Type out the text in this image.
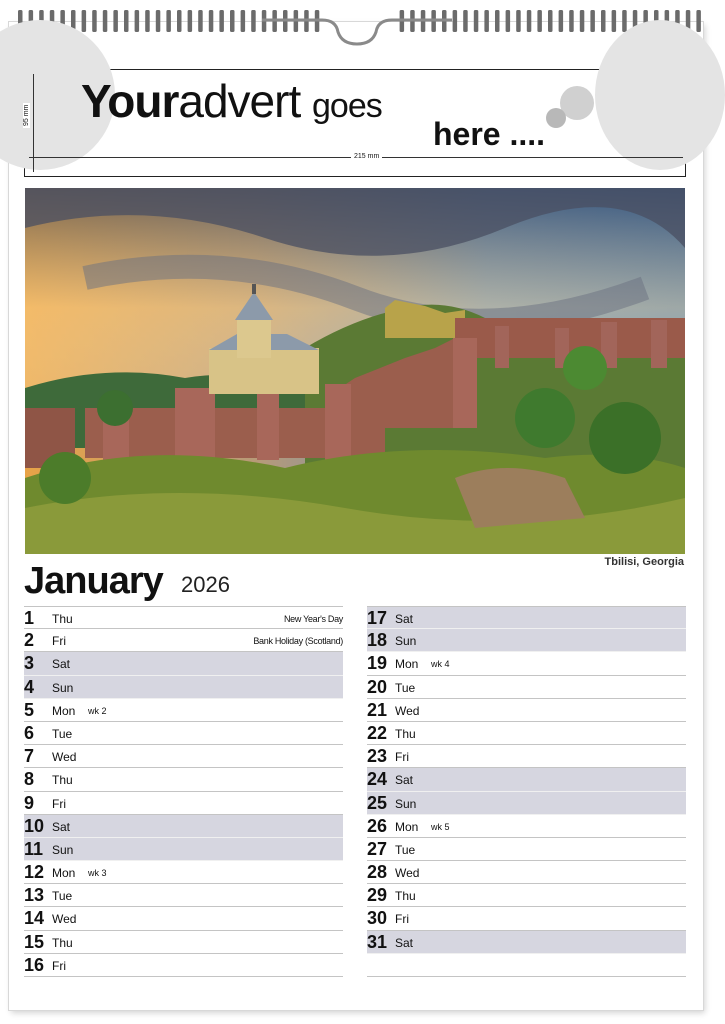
Youradvert goes
here ....
215 mm
95 mm
Tbilisi, Georgia
January 2026
1 Thu	New Year's Day
2 Fri	Bank Holiday (Scotland)
3 Sat
4 Sun
5 Mon wk 2
6 Tue
7 Wed
8 Thu
9 Fri
10 Sat
11 Sun
12 Mon wk 3
13 Tue
14 Wed
15 Thu
16 Fri
17 Sat
18 Sun
19 Mon wk 4
20 Tue
21 Wed
22 Thu
23 Fri
24 Sat
25 Sun
26 Mon wk 5
27 Tue
28 Wed
29 Thu
30 Fri
31 Sat
